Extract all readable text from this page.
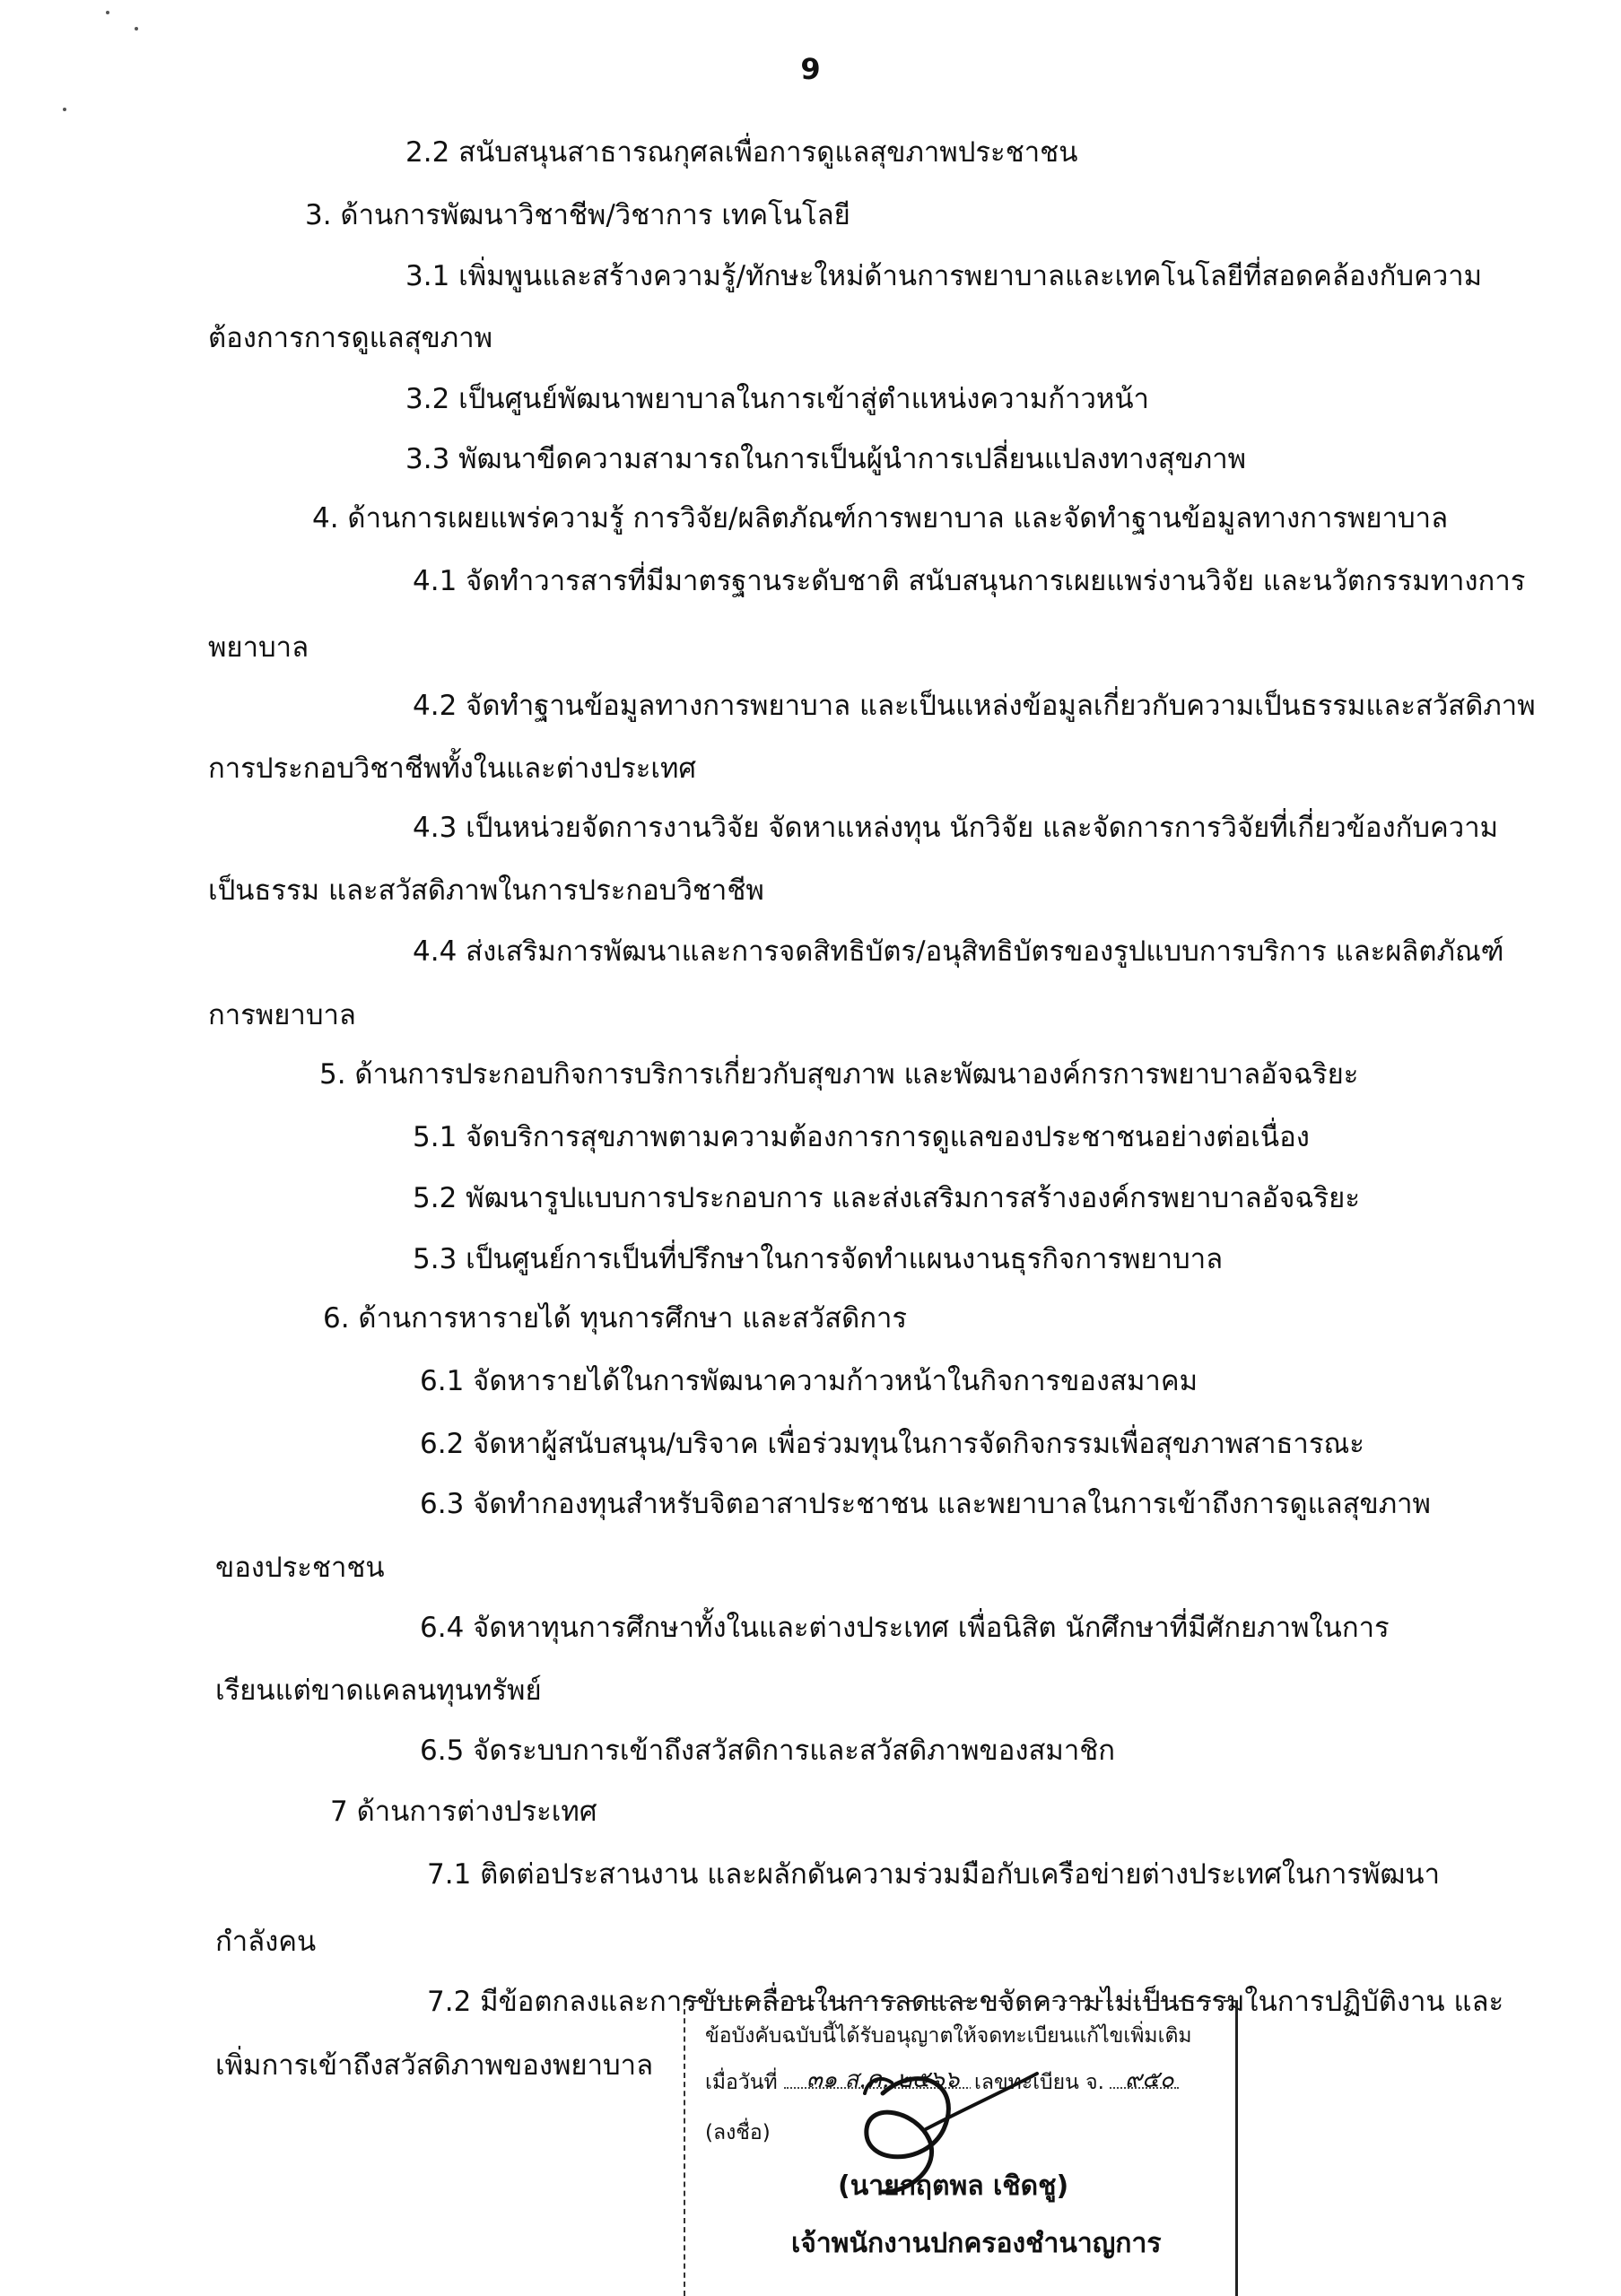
9
2.2 สนับสนุนสาธารณกุศลเพื่อการดูแลสุขภาพประชาชน
3. ด้านการพัฒนาวิชาชีพ/วิชาการ เทคโนโลยี
3.1 เพิ่มพูนและสร้างความรู้/ทักษะใหม่ด้านการพยาบาลและเทคโนโลยีที่สอดคล้องกับความ
ต้องการการดูแลสุขภาพ
3.2 เป็นศูนย์พัฒนาพยาบาลในการเข้าสู่ตำแหน่งความก้าวหน้า
3.3 พัฒนาขีดความสามารถในการเป็นผู้นำการเปลี่ยนแปลงทางสุขภาพ
4. ด้านการเผยแพร่ความรู้ การวิจัย/ผลิตภัณฑ์การพยาบาล และจัดทำฐานข้อมูลทางการพยาบาล
4.1 จัดทำวารสารที่มีมาตรฐานระดับชาติ สนับสนุนการเผยแพร่งานวิจัย และนวัตกรรมทางการ
พยาบาล
4.2 จัดทำฐานข้อมูลทางการพยาบาล และเป็นแหล่งข้อมูลเกี่ยวกับความเป็นธรรมและสวัสดิภาพ
การประกอบวิชาชีพทั้งในและต่างประเทศ
4.3 เป็นหน่วยจัดการงานวิจัย จัดหาแหล่งทุน นักวิจัย และจัดการการวิจัยที่เกี่ยวข้องกับความ
เป็นธรรม และสวัสดิภาพในการประกอบวิชาชีพ
4.4 ส่งเสริมการพัฒนาและการจดสิทธิบัตร/อนุสิทธิบัตรของรูปแบบการบริการ และผลิตภัณฑ์
การพยาบาล
5. ด้านการประกอบกิจการบริการเกี่ยวกับสุขภาพ และพัฒนาองค์กรการพยาบาลอัจฉริยะ
5.1 จัดบริการสุขภาพตามความต้องการการดูแลของประชาชนอย่างต่อเนื่อง
5.2 พัฒนารูปแบบการประกอบการ และส่งเสริมการสร้างองค์กรพยาบาลอัจฉริยะ
5.3 เป็นศูนย์การเป็นที่ปรึกษาในการจัดทำแผนงานธุรกิจการพยาบาล
6. ด้านการหารายได้ ทุนการศึกษา และสวัสดิการ
6.1 จัดหารายได้ในการพัฒนาความก้าวหน้าในกิจการของสมาคม
6.2 จัดหาผู้สนับสนุน/บริจาค เพื่อร่วมทุนในการจัดกิจกรรมเพื่อสุขภาพสาธารณะ
6.3 จัดทำกองทุนสำหรับจิตอาสาประชาชน และพยาบาลในการเข้าถึงการดูแลสุขภาพ
ของประชาชน
6.4 จัดหาทุนการศึกษาทั้งในและต่างประเทศ เพื่อนิสิต นักศึกษาที่มีศักยภาพในการ
เรียนแต่ขาดแคลนทุนทรัพย์
6.5 จัดระบบการเข้าถึงสวัสดิการและสวัสดิภาพของสมาชิก
7 ด้านการต่างประเทศ
7.1 ติดต่อประสานงาน และผลักดันความร่วมมือกับเครือข่ายต่างประเทศในการพัฒนา
กำลังคน
7.2 มีข้อตกลงและการขับเคลื่อนในการลดและขจัดความไม่เป็นธรรมในการปฏิบัติงาน และ
เพิ่มการเข้าถึงสวัสดิภาพของพยาบาล
ข้อบังคับฉบับนี้ได้รับอนุญาตให้จดทะเบียนแก้ไขเพิ่มเติม
เมื่อวันที่	๓๑ ส.ค. ๒๕๖๖ เลขทะเบียน จ. ๙๕๐
(ลงชื่อ)
(นายกฤตพล เชิดชู)
เจ้าพนักงานปกครองชำนาญการ
